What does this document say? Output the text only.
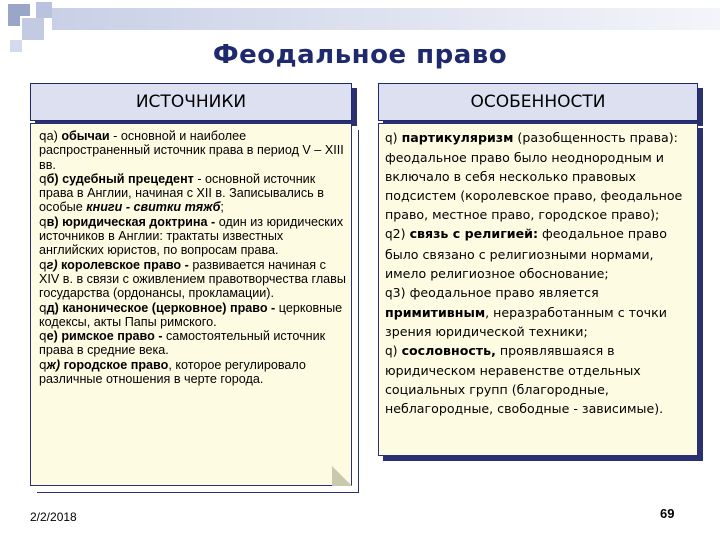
Феодальное право
ИСТОЧНИКИ	ОСОБЕННОСТИ

qа) обычаи - основной и наиболее распространенный источник права в период V – XIII вв.

qб) судебный прецедент - основной источник права в Англии, начиная с XII в. Записывались в особые книги - свитки тяжб;

qв) юридическая доктрина - один из юридических источников в Англии: трактаты известных английских юристов, по вопросам права.

qг) королевское право - развивается начиная с XIV в. в связи с оживлением правотворчества главы государства (ордонансы, прокламации).

qд) каноническое (церковное) право - церковные кодексы, акты Папы римского.

qе) римское право - самостоятельный источник права в средние века.

qж) городское право, которое регулировало различные отношения в черте города.

q) партикуляризм (разобщенность права): феодальное право было неоднородным и включало в себя несколько правовых подсистем (королевское право, феодальное право, местное право, городское право);

q2) связь с религией: феодальное право было связано с религиозными нормами, имело религиозное обоснование;

q3) феодальное право является примитивным, неразработанным с точки зрения юридической техники;

q) сословность, проявлявшаяся в юридическом неравенстве отдельных социальных групп (благородные, неблагородные, свободные - зависимые).

2/2/2018	69
